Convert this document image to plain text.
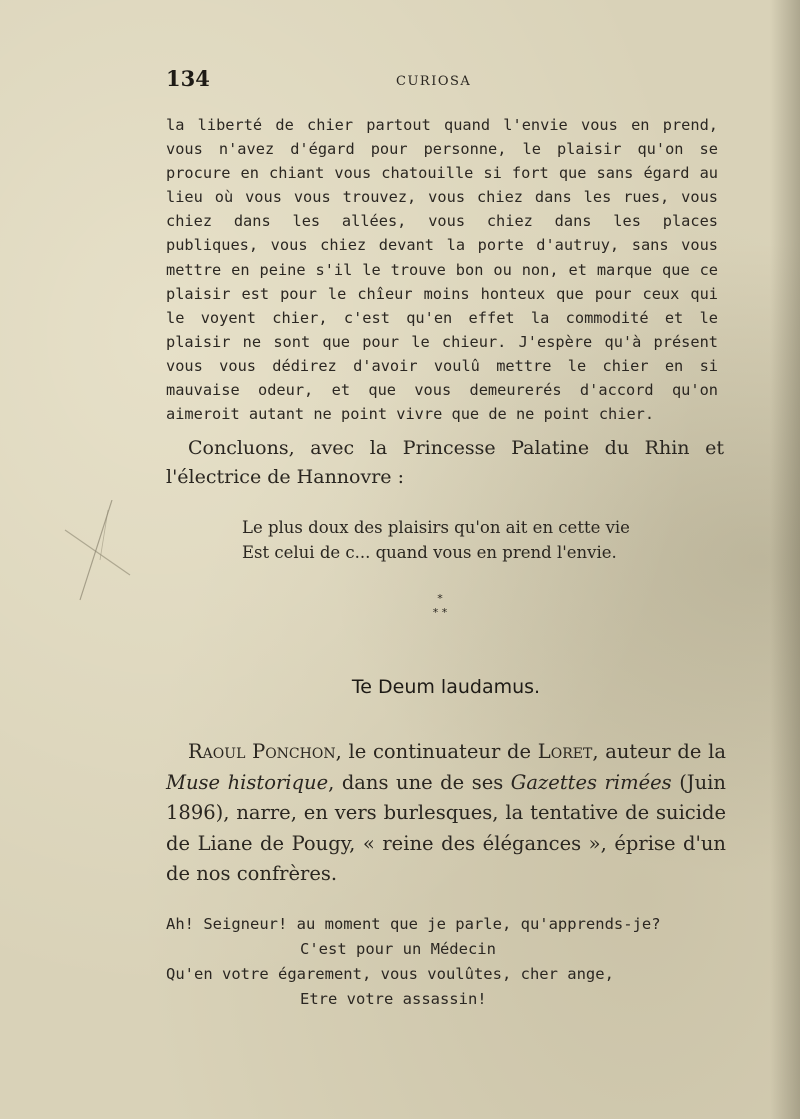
134	CURIOSA
la liberté de chier partout quand l'envie vous en prend, vous n'avez d'égard pour personne, le plaisir qu'on se procure en chiant vous chatouille si fort que sans égard au lieu où vous vous trouvez, vous chiez dans les rues, vous chiez dans les allées, vous chiez dans les places publiques, vous chiez devant la porte d'autruy, sans vous mettre en peine s'il le trouve bon ou non, et marque que ce plaisir est pour le chîeur moins honteux que pour ceux qui le voyent chier, c'est qu'en effet la commodité et le plaisir ne sont que pour le chieur. J'espère qu'à présent vous vous dédirez d'avoir voulû mettre le chier en si mauvaise odeur, et que vous demeurerés d'accord qu'on aimeroit autant ne point vivre que de ne point chier.
Concluons, avec la Princesse Palatine du Rhin et l'électrice de Hannovre :
Le plus doux des plaisirs qu'on ait en cette vie
Est celui de c... quand vous en prend l'envie.
*
* *
Te Deum laudamus.
Raoul Ponchon, le continuateur de Loret, auteur de la Muse historique, dans une de ses Gazettes rimées (Juin 1896), narre, en vers burlesques, la tentative de suicide de Liane de Pougy, « reine des élégances », éprise d'un de nos confrères.
Ah! Seigneur! au moment que je parle, qu'apprends-je?
C'est pour un Médecin
Qu'en votre égarement, vous voulûtes, cher ange,
Etre votre assassin!
